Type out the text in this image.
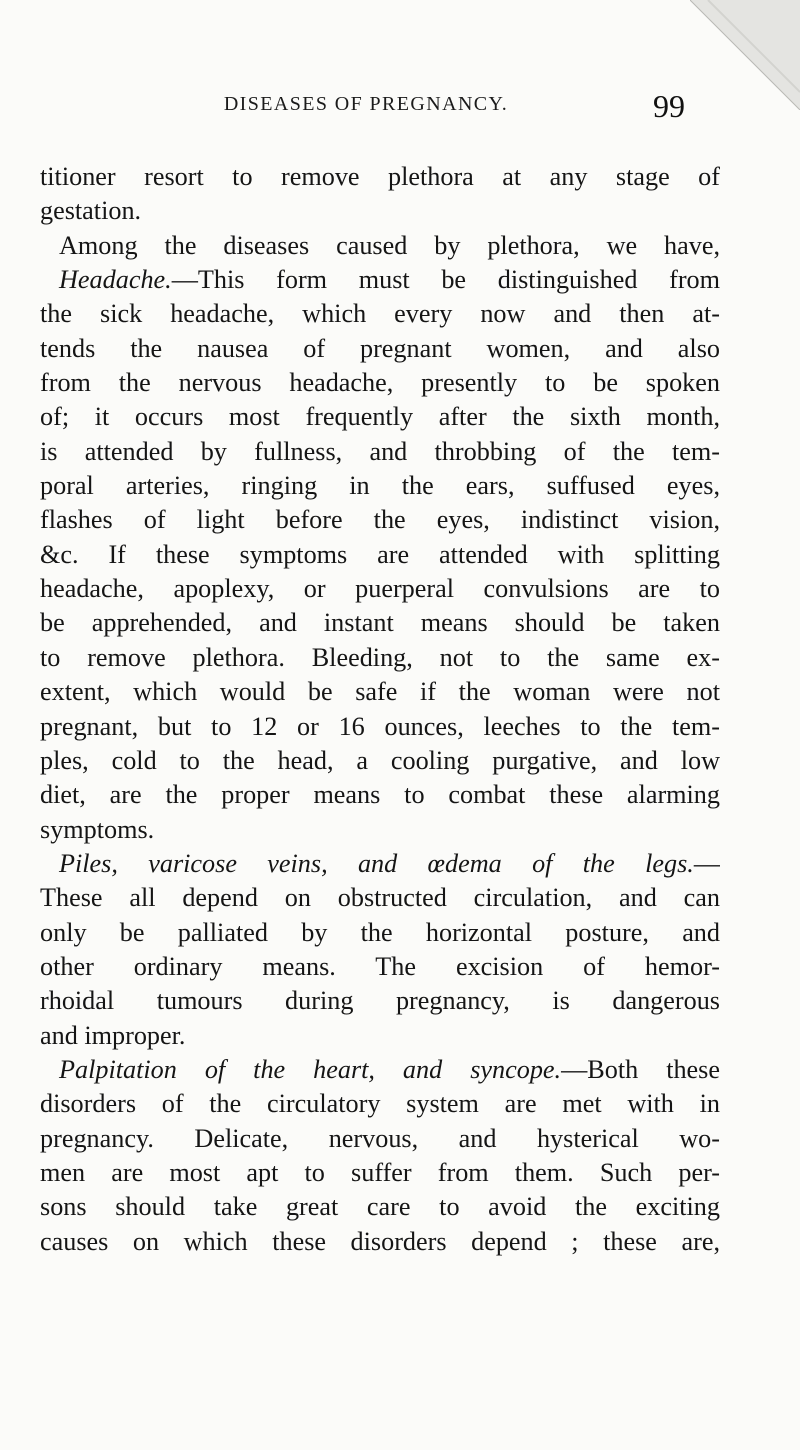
DISEASES OF PREGNANCY.	99
titioner resort to remove plethora at any stage of
gestation.
Among the diseases caused by plethora, we have,
Headache.—This form must be distinguished from
the sick headache, which every now and then at-
tends the nausea of pregnant women, and also
from the nervous headache, presently to be spoken
of; it occurs most frequently after the sixth month,
is attended by fullness, and throbbing of the tem-
poral arteries, ringing in the ears, suffused eyes,
flashes of light before the eyes, indistinct vision,
&c. If these symptoms are attended with splitting
headache, apoplexy, or puerperal convulsions are to
be apprehended, and instant means should be taken
to remove plethora. Bleeding, not to the same ex-
extent, which would be safe if the woman were not
pregnant, but to 12 or 16 ounces, leeches to the tem-
ples, cold to the head, a cooling purgative, and low
diet, are the proper means to combat these alarming
symptoms.
Piles, varicose veins, and œdema of the legs.—
These all depend on obstructed circulation, and can
only be palliated by the horizontal posture, and
other ordinary means. The excision of hemor-
rhoidal tumours during pregnancy, is dangerous
and improper.
Palpitation of the heart, and syncope.—Both these
disorders of the circulatory system are met with in
pregnancy. Delicate, nervous, and hysterical wo-
men are most apt to suffer from them. Such per-
sons should take great care to avoid the exciting
causes on which these disorders depend ; these are,
